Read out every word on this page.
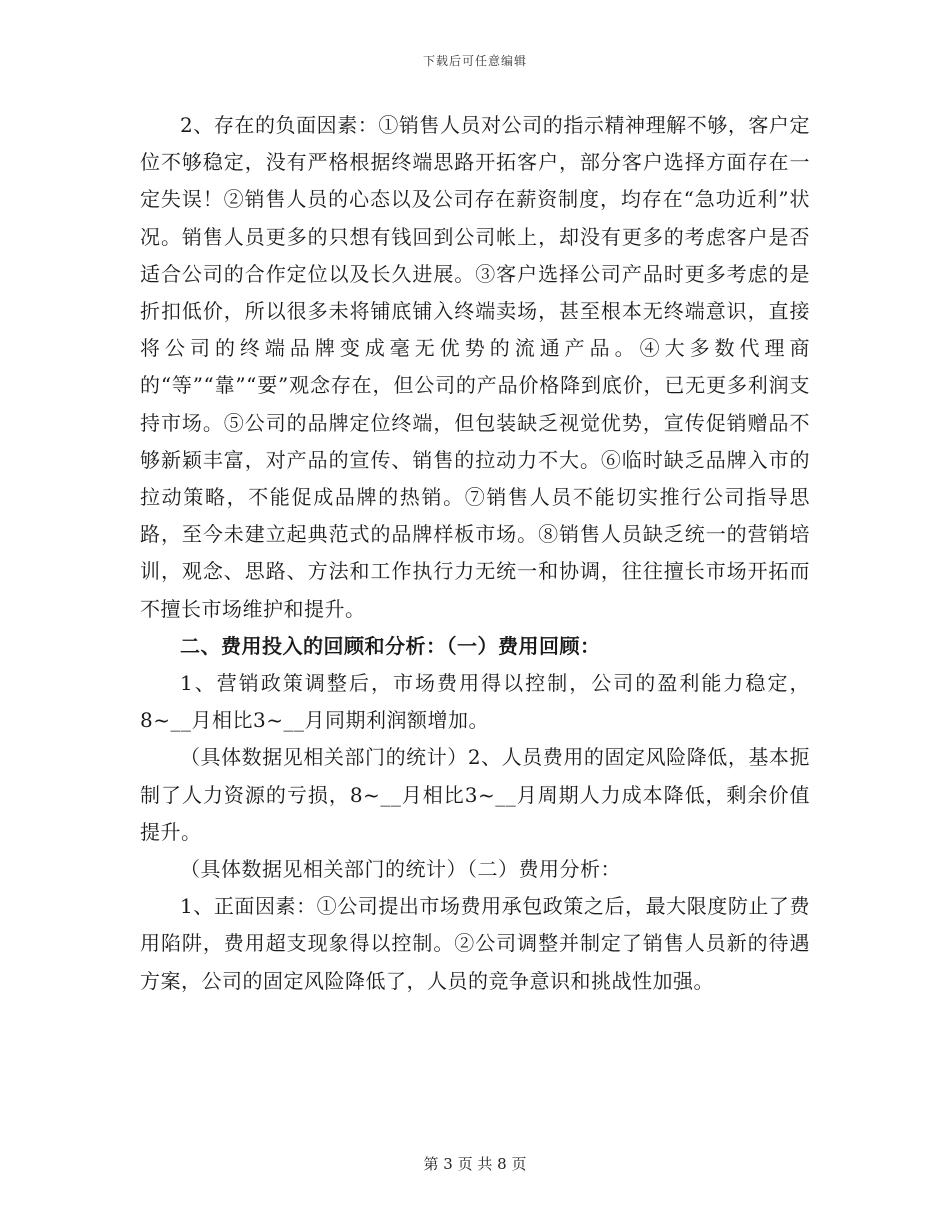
下载后可任意编辑

2、存在的负面因素：①销售人员对公司的指示精神理解不够，客户定位不够稳定，没有严格根据终端思路开拓客户，部分客户选择方面存在一定失误！②销售人员的心态以及公司存在薪资制度，均存在“急功近利”状况。销售人员更多的只想有钱回到公司帐上，却没有更多的考虑客户是否适合公司的合作定位以及长久进展。③客户选择公司产品时更多考虑的是折扣低价，所以很多未将铺底铺入终端卖场，甚至根本无终端意识，直接将公司的终端品牌变成毫无优势的流通产品。④大多数代理商的“等”“靠”“要”观念存在，但公司的产品价格降到底价，已无更多利润支持市场。⑤公司的品牌定位终端，但包装缺乏视觉优势，宣传促销赠品不够新颖丰富，对产品的宣传、销售的拉动力不大。⑥临时缺乏品牌入市的拉动策略，不能促成品牌的热销。⑦销售人员不能切实推行公司指导思路，至今未建立起典范式的品牌样板市场。⑧销售人员缺乏统一的营销培训，观念、思路、方法和工作执行力无统一和协调，往往擅长市场开拓而不擅长市场维护和提升。

二、费用投入的回顾和分析：（一）费用回顾：

1、营销政策调整后，市场费用得以控制，公司的盈利能力稳定，8~__月相比3~__月同期利润额增加。

（具体数据见相关部门的统计）2、人员费用的固定风险降低，基本扼制了人力资源的亏损，8~__月相比3~__月周期人力成本降低，剩余价值提升。

（具体数据见相关部门的统计）（二）费用分析：

1、正面因素：①公司提出市场费用承包政策之后，最大限度防止了费用陷阱，费用超支现象得以控制。②公司调整并制定了销售人员新的待遇方案，公司的固定风险降低了，人员的竞争意识和挑战性加强。

第 3 页 共 8 页
